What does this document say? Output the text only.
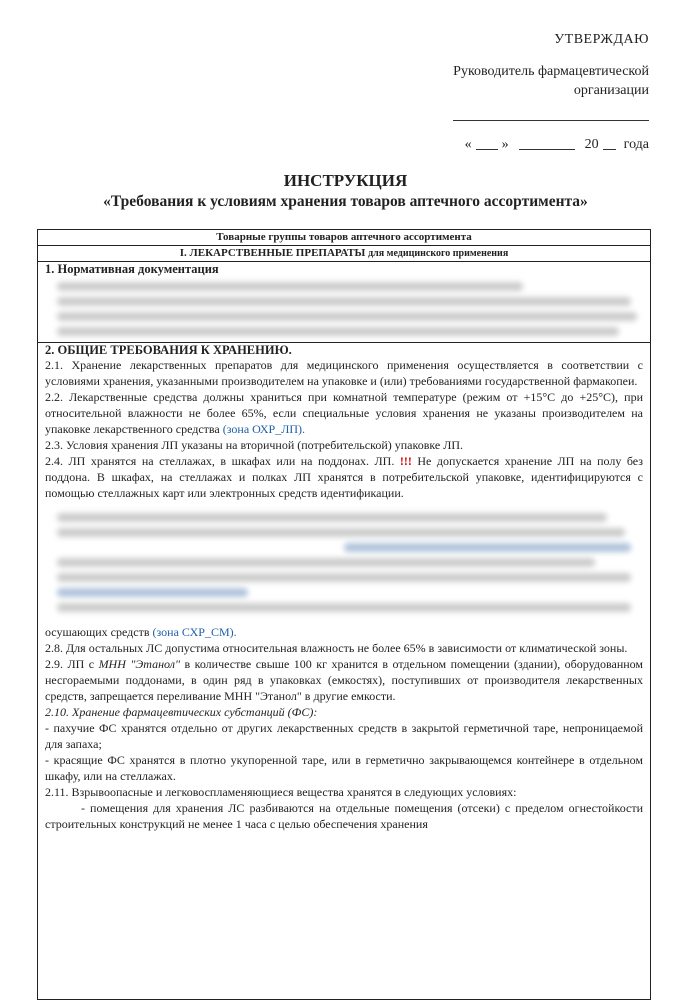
УТВЕРЖДАЮ
Руководитель фармацевтической
организации
« »	20 года
ИНСТРУКЦИЯ
«Требования к условиям хранения товаров аптечного ассортимента»
Товарные группы товаров аптечного ассортимента
I. ЛЕКАРСТВЕННЫЕ ПРЕПАРАТЫ для медицинского применения
1. Нормативная документация
2. ОБЩИЕ ТРЕБОВАНИЯ К ХРАНЕНИЮ.
2.1. Хранение лекарственных препаратов для медицинского применения осуществляется в соответствии с условиями хранения, указанными производителем на упаковке и (или) требованиями государственной фармакопеи.
2.2. Лекарственные средства должны храниться при комнатной температуре (режим от +15°С до +25°С), при относительной влажности не более 65%, если специальные условия хранения не указаны производителем на упаковке лекарственного средства (зона ОХР_ЛП).
2.3. Условия хранения ЛП указаны на вторичной (потребительской) упаковке ЛП.
2.4. ЛП хранятся на стеллажах, в шкафах или на поддонах. ЛП. !!! Не допускается хранение ЛП на полу без поддона. В шкафах, на стеллажах и полках ЛП хранятся в потребительской упаковке, идентифицируются с помощью стеллажных карт или электронных средств идентификации.
осушающих средств (зона СХР_СМ).
2.8. Для остальных ЛС допустима относительная влажность не более 65% в зависимости от климатической зоны.
2.9. ЛП с МНН "Этанол" в количестве свыше 100 кг хранится в отдельном помещении (здании), оборудованном несгораемыми поддонами, в один ряд в упаковках (емкостях), поступивших от производителя лекарственных средств, запрещается переливание МНН "Этанол" в другие емкости.
2.10. Хранение фармацевтических субстанций (ФС):
- пахучие ФС хранятся отдельно от других лекарственных средств в закрытой герметичной таре, непроницаемой для запаха;
- красящие ФС хранятся в плотно укупоренной таре, или в герметично закрывающемся контейнере в отдельном шкафу, или на стеллажах.
2.11. Взрывоопасные и легковоспламеняющиеся вещества хранятся в следующих условиях:
- помещения для хранения ЛС разбиваются на отдельные помещения (отсеки) с пределом огнестойкости строительных конструкций не менее 1 часа с целью обеспечения хранения
